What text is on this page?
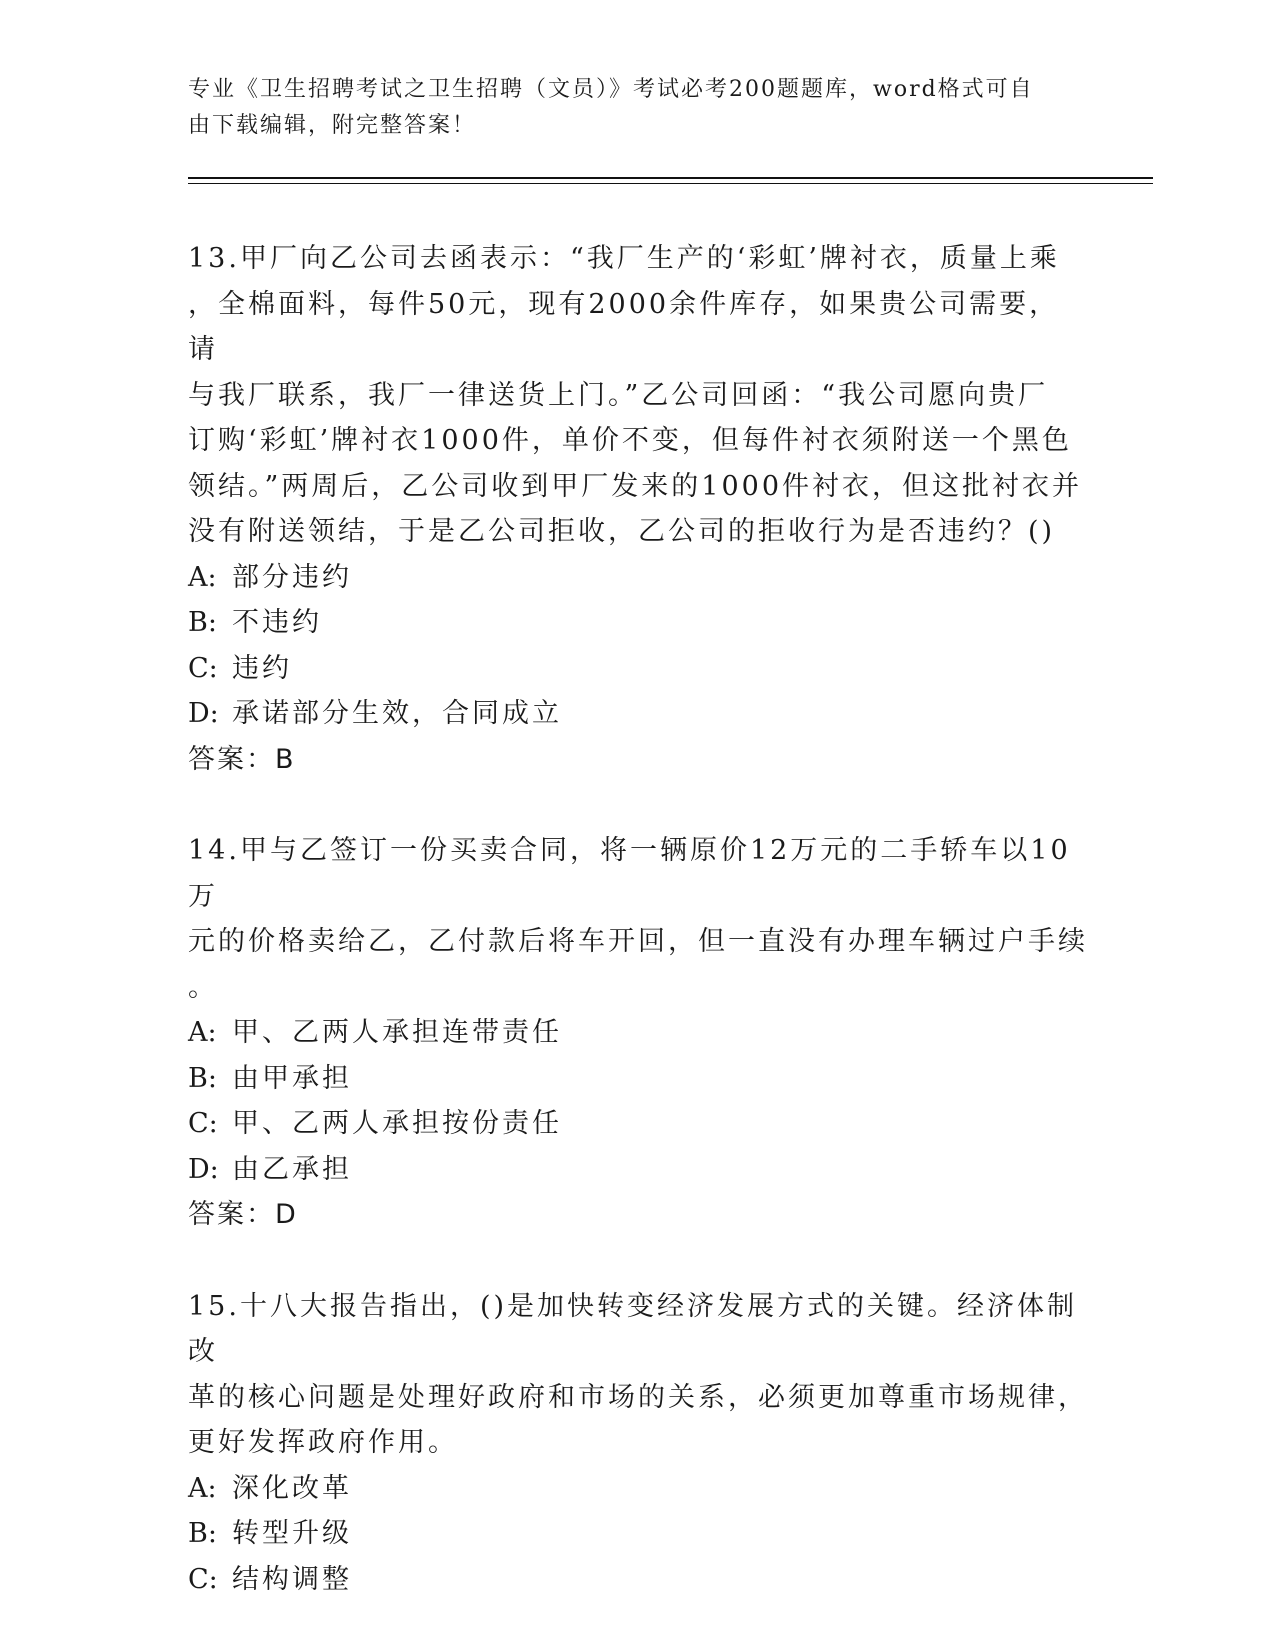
专业《卫生招聘考试之卫生招聘（文员）》考试必考200题题库，word格式可自
由下载编辑，附完整答案！

13.甲厂向乙公司去函表示：“我厂生产的‘彩虹’牌衬衣，质量上乘

，全棉面料，每件50元，现有2000余件库存，如果贵公司需要，请

与我厂联系，我厂一律送货上门。”乙公司回函：“我公司愿向贵厂

订购‘彩虹’牌衬衣1000件，单价不变，但每件衬衣须附送一个黑色

领结。”两周后，乙公司收到甲厂发来的1000件衬衣，但这批衬衣并

没有附送领结，于是乙公司拒收，乙公司的拒收行为是否违约？()

A: 部分违约

B: 不违约

C: 违约

D: 承诺部分生效，合同成立

答案：B

14.甲与乙签订一份买卖合同，将一辆原价12万元的二手轿车以10万

元的价格卖给乙，乙付款后将车开回，但一直没有办理车辆过户手续

。

A: 甲、乙两人承担连带责任

B: 由甲承担

C: 甲、乙两人承担按份责任

D: 由乙承担

答案：D

15.十八大报告指出，()是加快转变经济发展方式的关键。经济体制改

革的核心问题是处理好政府和市场的关系，必须更加尊重市场规律，

更好发挥政府作用。

A: 深化改革

B: 转型升级

C: 结构调整
